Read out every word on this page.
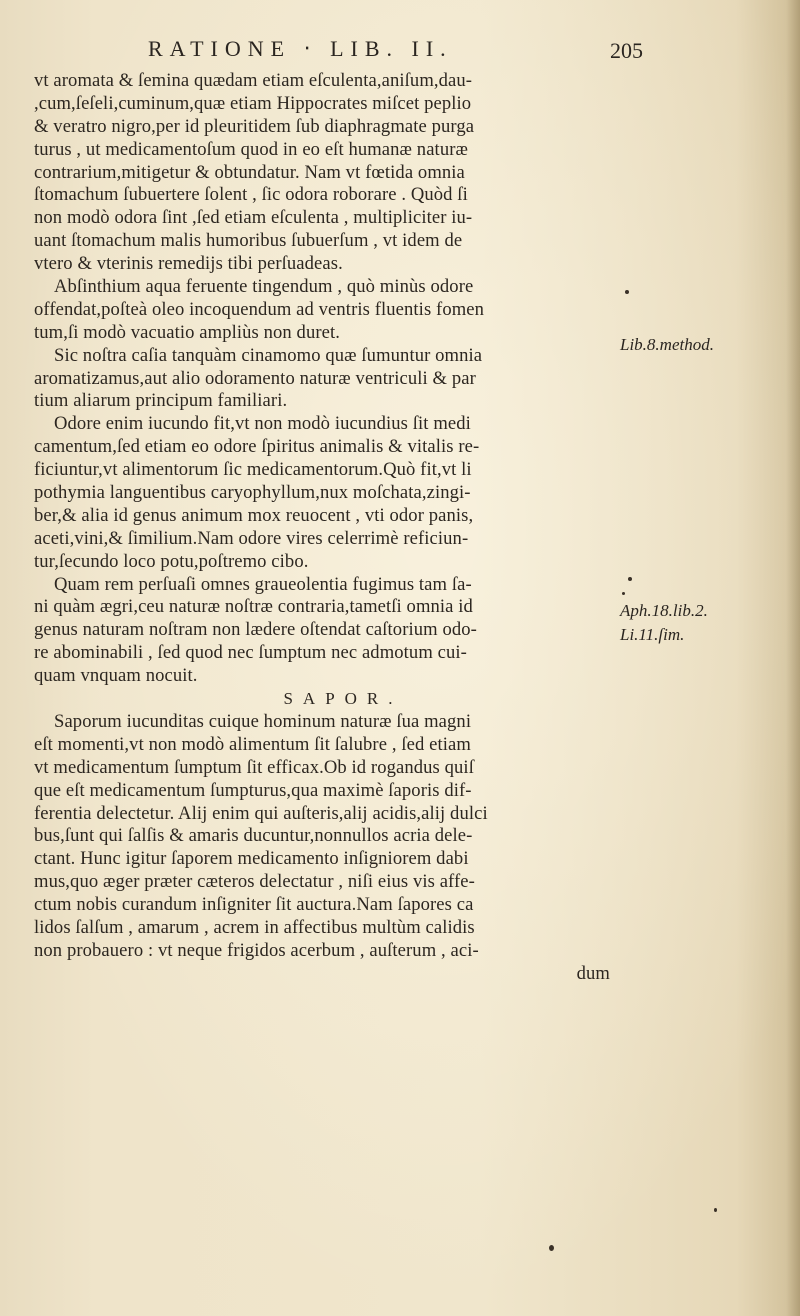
RATIONE ‧ LIB. II.	205
vt aromata & ſemina quædam etiam eſculenta,aniſum,dau-
,cum,ſeſeli,cuminum,quæ etiam Hippocrates miſcet peplio
& veratro nigro,per id pleuritidem ſub diaphragmate purga
turus , ut medicamentoſum quod in eo eſt humanæ naturæ
contrarium,mitigetur & obtundatur. Nam vt fœtida omnia
ſtomachum ſubuertere ſolent , ſic odora roborare . Quòd ſi
non modò odora ſint ,ſed etiam eſculenta , multipliciter iu-
uant ſtomachum malis humoribus ſubuerſum , vt idem de
vtero & vterinis remedijs tibi perſuadeas.
Abſinthium aqua feruente tingendum , quò minùs odore
offendat,poſteà oleo incoquendum ad ventris fluentis fomen
tum,ſi modò vacuatio ampliùs non duret.
Sic noſtra caſia tanquàm cinamomo quæ ſumuntur omnia
aromatizamus,aut alio odoramento naturæ ventriculi & par
tium aliarum principum familiari.
Odore enim iucundo fit,vt non modò iucundius ſit medi
camentum,ſed etiam eo odore ſpiritus animalis & vitalis re-
ficiuntur,vt alimentorum ſic medicamentorum.Quò fit,vt li
pothymia languentibus caryophyllum,nux moſchata,zingi-
ber,& alia id genus animum mox reuocent , vti odor panis,
aceti,vini,& ſimilium.Nam odore vires celerrimè reficiun-
tur,ſecundo loco potu,poſtremo cibo.
Quam rem perſuaſi omnes graueolentia fugimus tam ſa-
ni quàm ægri,ceu naturæ noſtræ contraria,tametſi omnia id
genus naturam noſtram non lædere oſtendat caſtorium odo-
re abominabili , ſed quod nec ſumptum nec admotum cui-
quam vnquam nocuit.
SAPOR.
Saporum iucunditas cuique hominum naturæ ſua magni
eſt momenti,vt non modò alimentum ſit ſalubre , ſed etiam
vt medicamentum ſumptum ſit efficax.Ob id rogandus quiſ
que eſt medicamentum ſumpturus,qua maximè ſaporis dif-
ferentia delectetur. Alij enim qui auſteris,alij acidis,alij dulci
bus,ſunt qui ſalſis & amaris ducuntur,nonnullos acria dele-
ctant. Hunc igitur ſaporem medicamento inſigniorem dabi
mus,quo æger præter cæteros delectatur , niſi eius vis affe-
ctum nobis curandum inſigniter ſit auctura.Nam ſapores ca
lidos ſalſum , amarum , acrem in affectibus multùm calidis
non probauero : vt neque frigidos acerbum , auſterum , aci-
dum
Lib.8.method.
Aph.18.lib.2.
Li.11.ſim.
